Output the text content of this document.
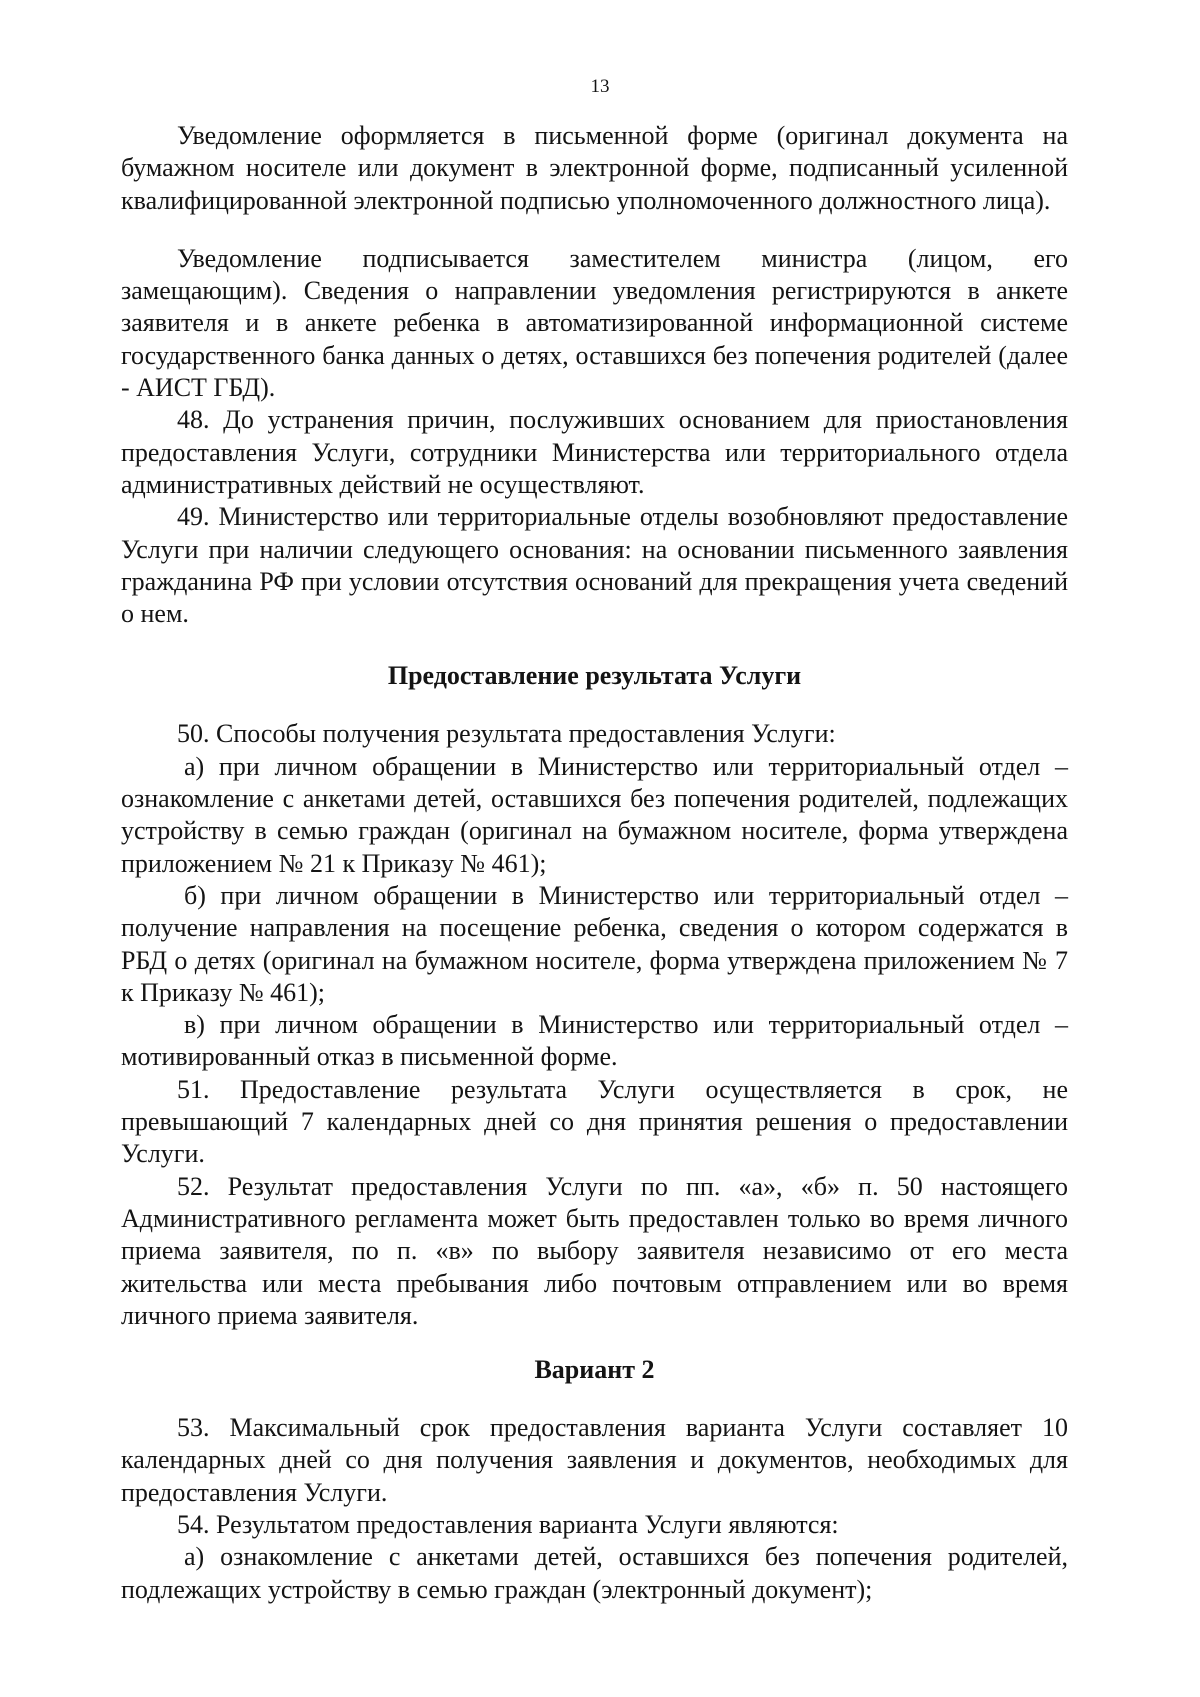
13

Уведомление оформляется в письменной форме (оригинал документа на бумажном носителе или документ в электронной форме, подписанный усиленной квалифицированной электронной подписью уполномоченного должностного лица).

Уведомление подписывается заместителем министра (лицом, его замещающим). Сведения о направлении уведомления регистрируются в анкете заявителя и в анкете ребенка в автоматизированной информационной системе государственного банка данных о детях, оставшихся без попечения родителей (далее - АИСТ ГБД).

48. До устранения причин, послуживших основанием для приостановления предоставления Услуги, сотрудники Министерства или территориального отдела административных действий не осуществляют.

49. Министерство или территориальные отделы возобновляют предоставление Услуги при наличии следующего основания: на основании письменного заявления гражданина РФ при условии отсутствия оснований для прекращения учета сведений о нем.

Предоставление результата Услуги

50. Способы получения результата предоставления Услуги:

а) при личном обращении в Министерство или территориальный отдел – ознакомление с анкетами детей, оставшихся без попечения родителей, подлежащих устройству в семью граждан (оригинал на бумажном носителе, форма утверждена приложением № 21 к Приказу № 461);

б) при личном обращении в Министерство или территориальный отдел – получение направления на посещение ребенка, сведения о котором содержатся в РБД о детях (оригинал на бумажном носителе, форма утверждена приложением № 7 к Приказу № 461);

в) при личном обращении в Министерство или территориальный отдел – мотивированный отказ в письменной форме.

51. Предоставление результата Услуги осуществляется в срок, не превышающий 7 календарных дней со дня принятия решения о предоставлении Услуги.

52. Результат предоставления Услуги по пп. «а», «б» п. 50 настоящего Административного регламента может быть предоставлен только во время личного приема заявителя, по п. «в» по выбору заявителя независимо от его места жительства или места пребывания либо почтовым отправлением или во время личного приема заявителя.

Вариант 2

53. Максимальный срок предоставления варианта Услуги составляет 10 календарных дней со дня получения заявления и документов, необходимых для предоставления Услуги.

54. Результатом предоставления варианта Услуги являются:

а) ознакомление с анкетами детей, оставшихся без попечения родителей, подлежащих устройству в семью граждан (электронный документ);
